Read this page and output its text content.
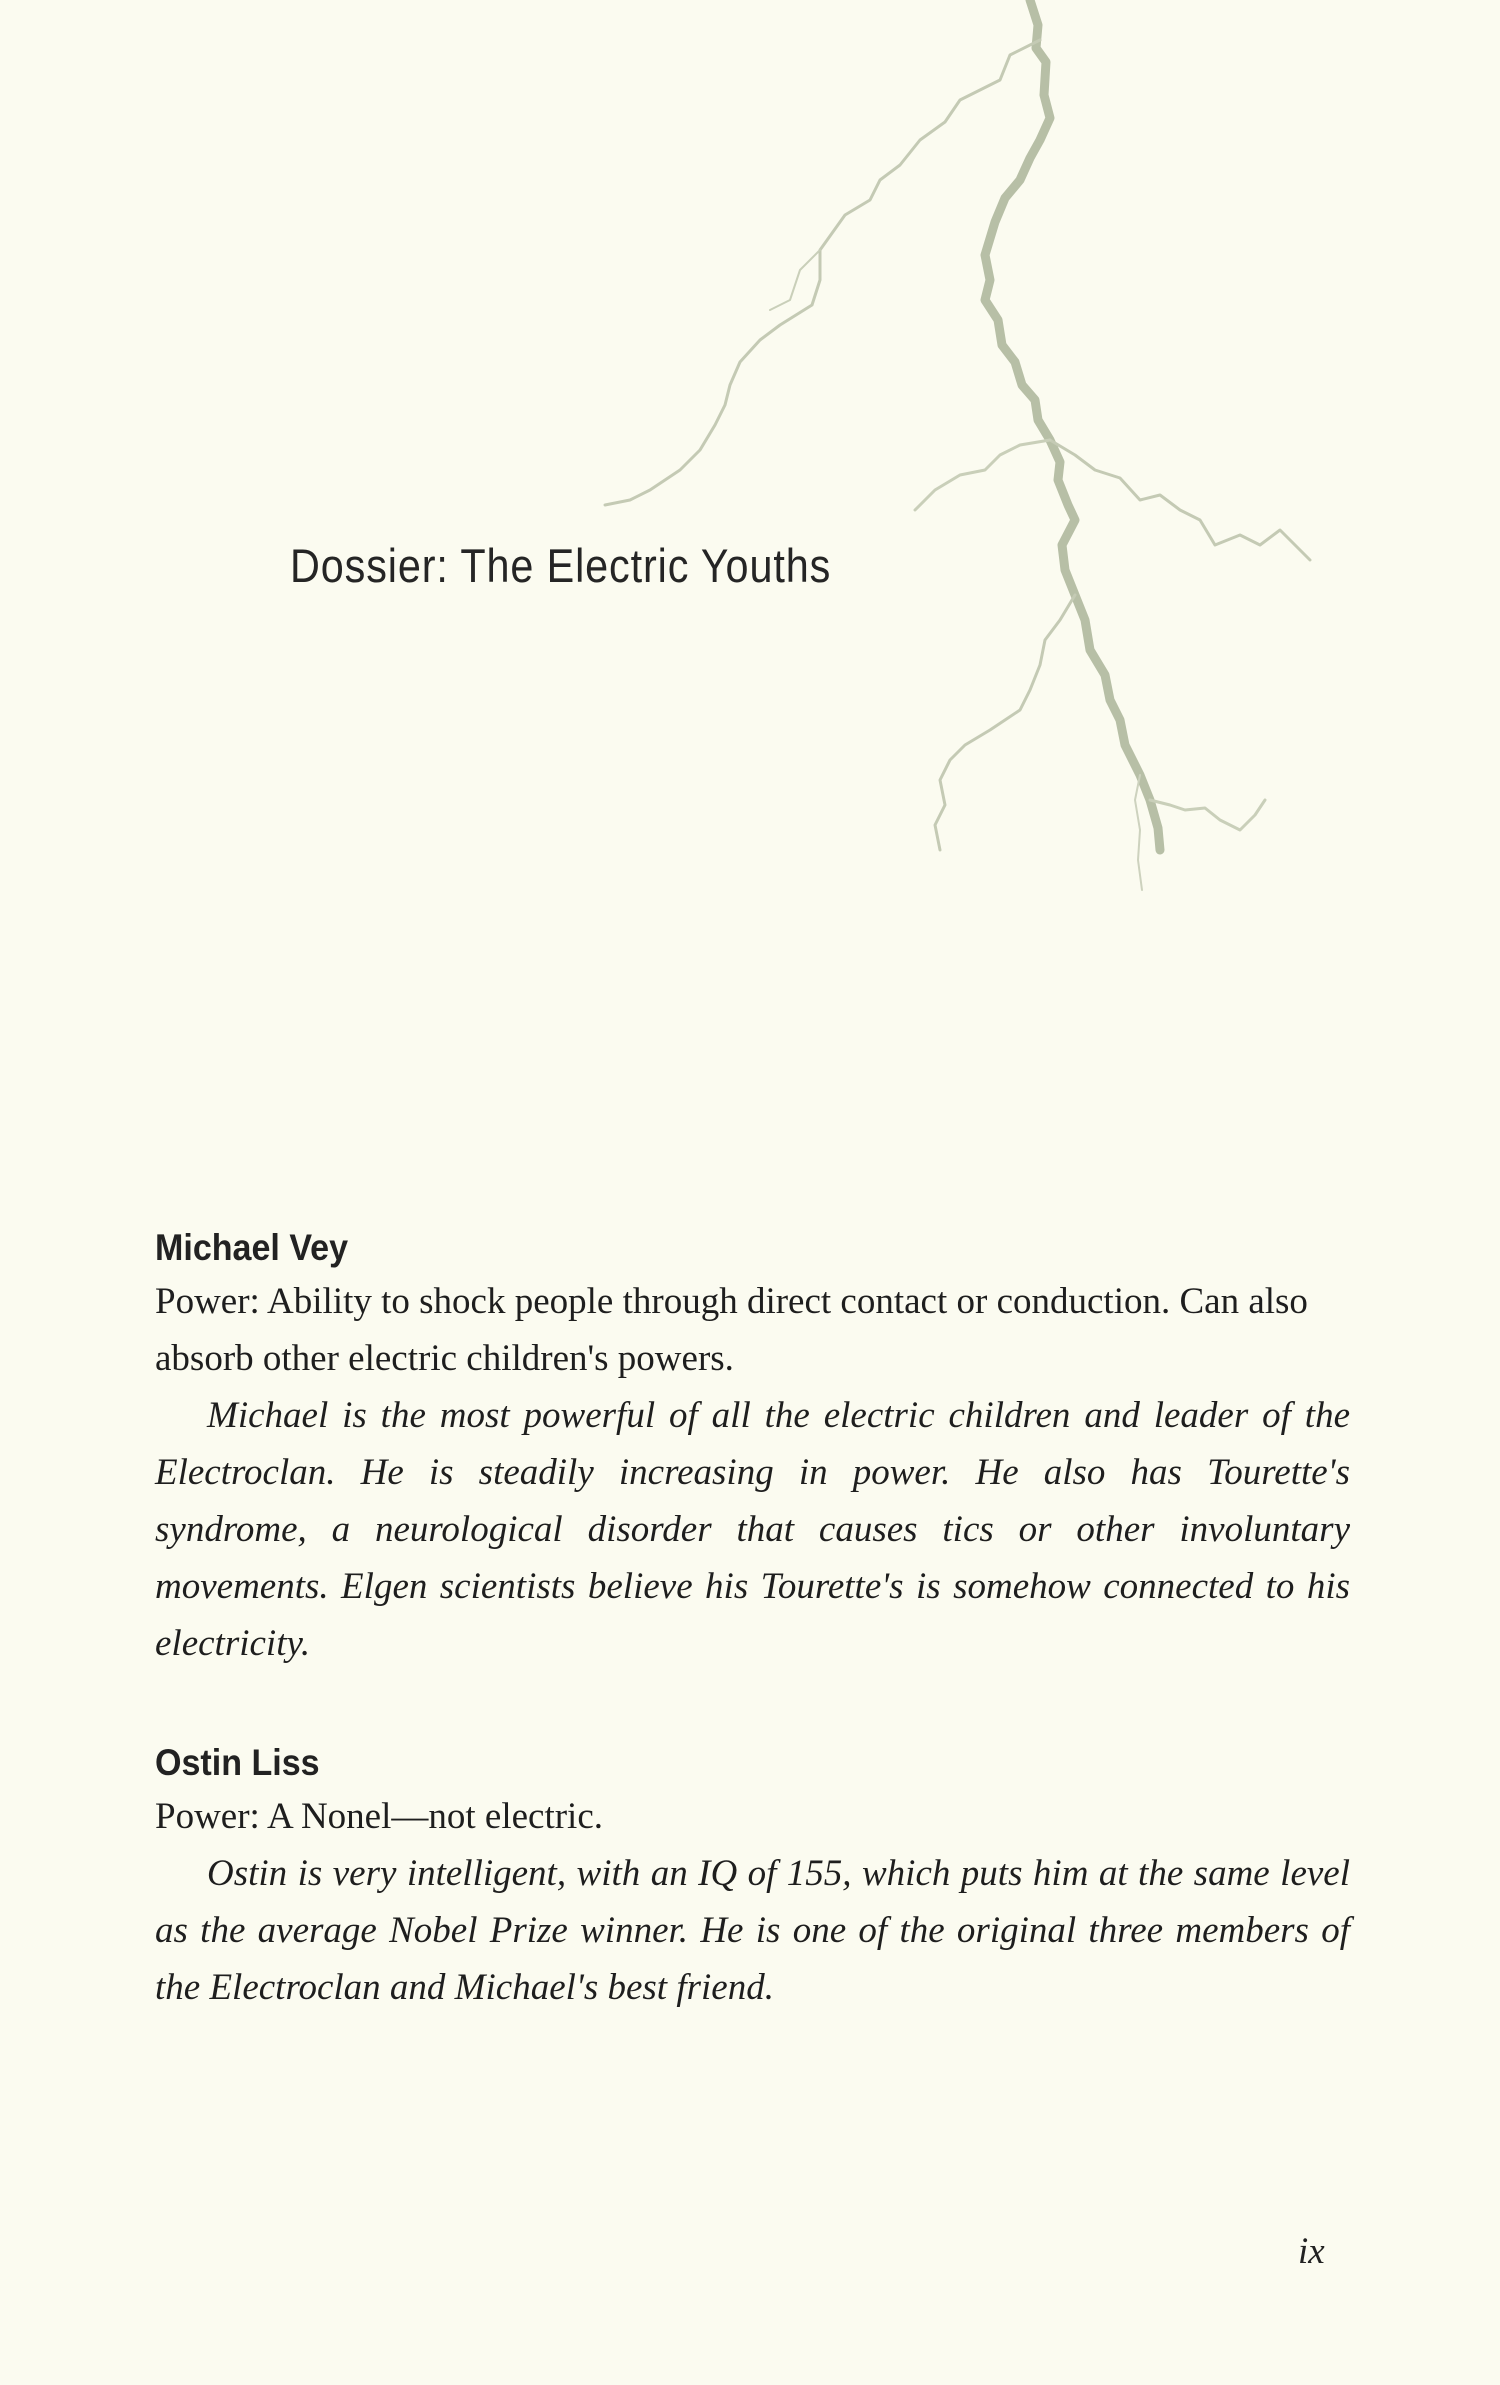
Dossier: The Electric Youths
Michael Vey

Power: Ability to shock people through direct contact or conduction. Can also absorb other electric children's powers.

Michael is the most powerful of all the electric children and leader of the Electroclan. He is steadily increasing in power. He also has Tourette's syndrome, a neurological disorder that causes tics or other involuntary movements. Elgen scientists believe his Tourette's is somehow connected to his electricity.

Ostin Liss

Power: A Nonel—not electric.

Ostin is very intelligent, with an IQ of 155, which puts him at the same level as the average Nobel Prize winner. He is one of the original three members of the Electroclan and Michael's best friend.

ix
